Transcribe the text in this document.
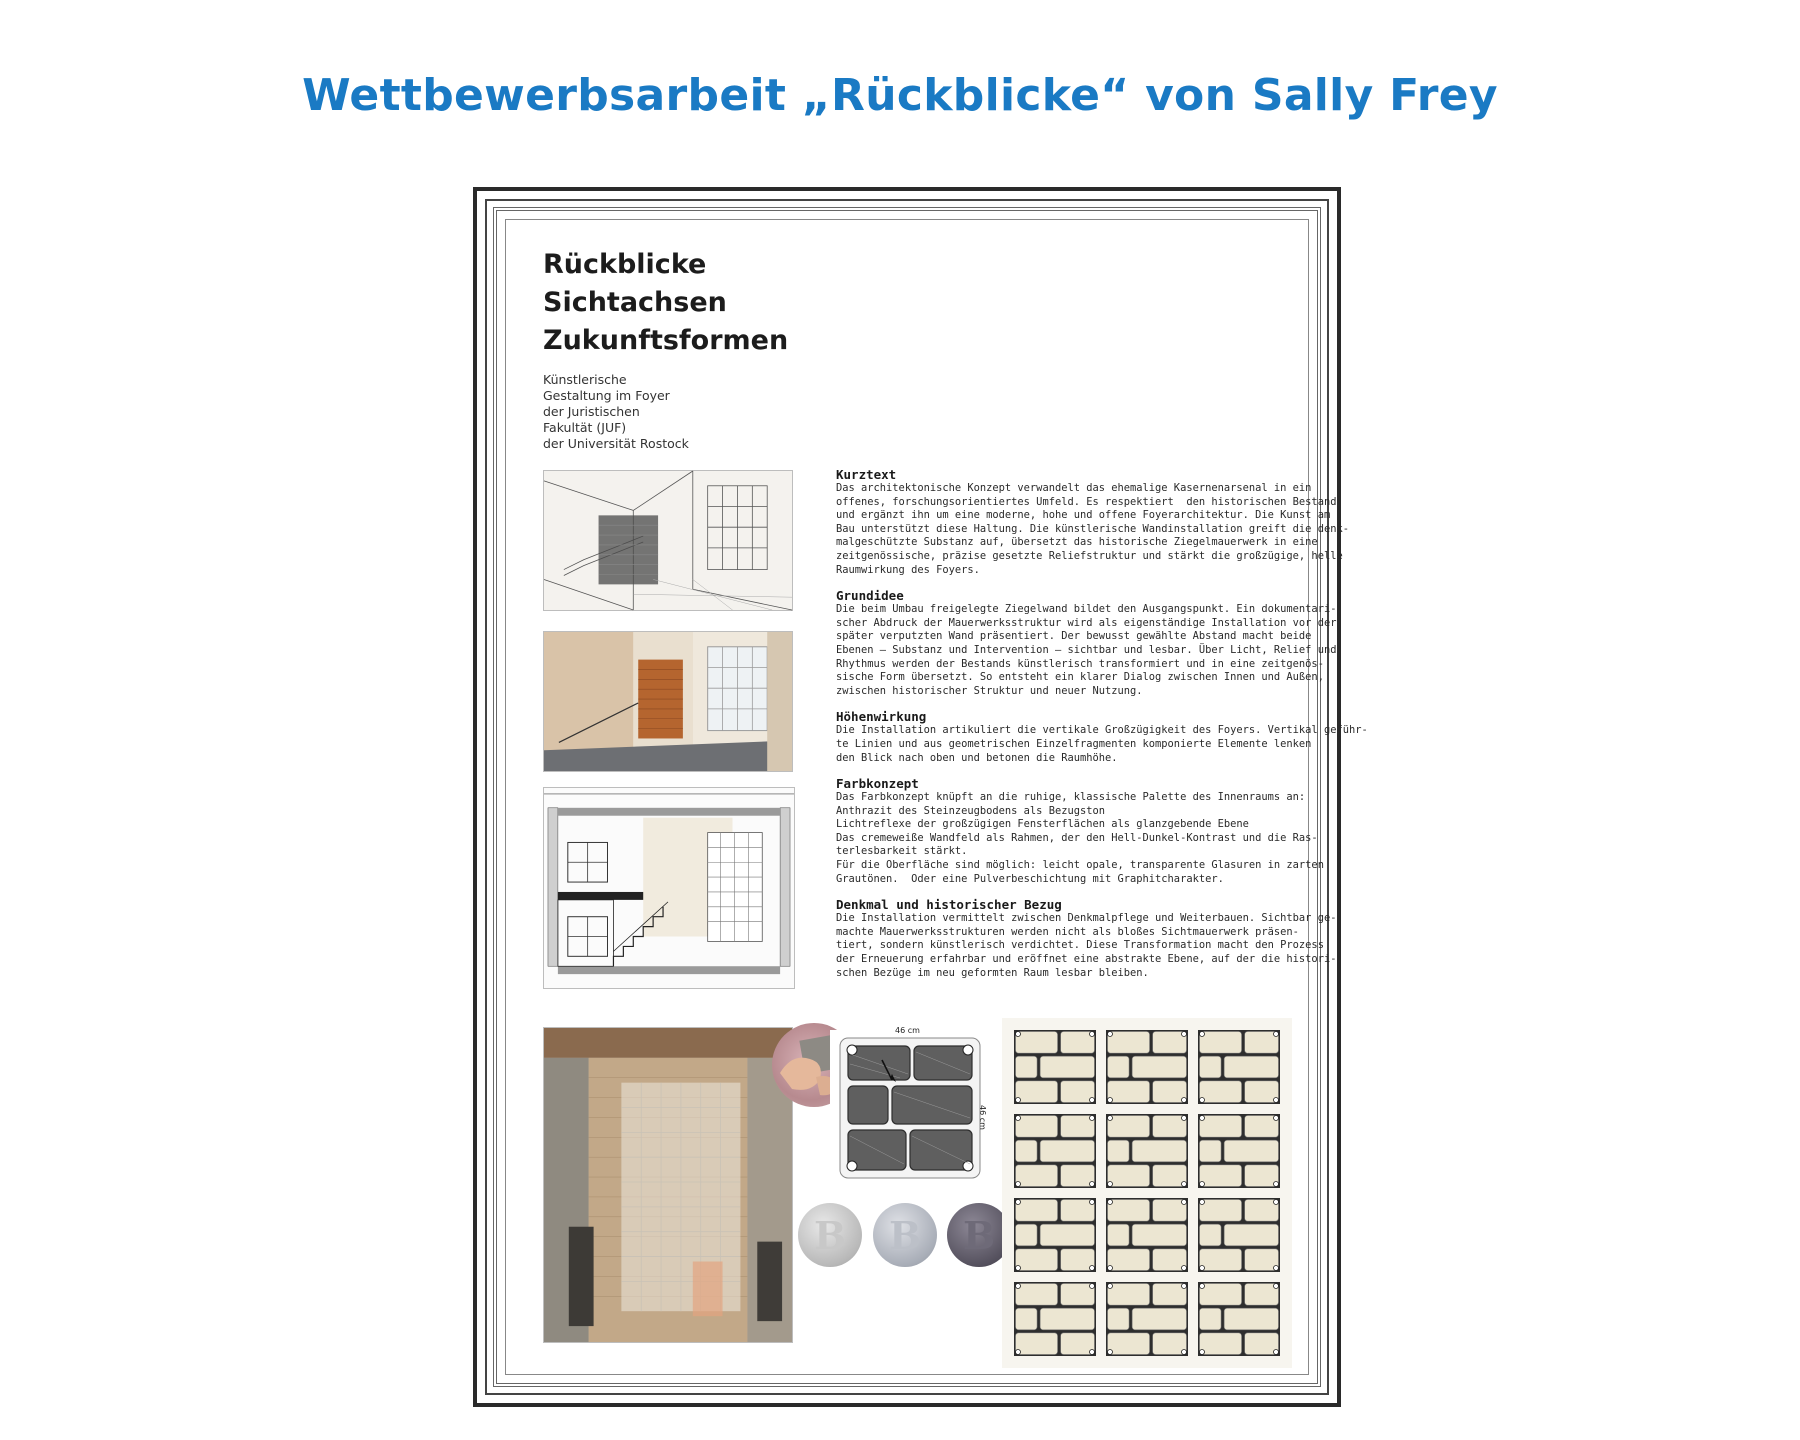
Wettbewerbsarbeit „Rückblicke“ von Sally Frey
Rückblicke
Sichtachsen
Zukunftsformen
Künstlerische
Gestaltung im Foyer
der Juristischen
Fakultät (JUF)
der Universität Rostock
Kurztext
Das architektonische Konzept verwandelt das ehemalige Kasernenarsenal in ein
offenes, forschungsorientiertes Umfeld. Es respektiert  den historischen Bestand
und ergänzt ihn um eine moderne, hohe und offene Foyerarchitektur. Die Kunst am
Bau unterstützt diese Haltung. Die künstlerische Wandinstallation greift die denk-
malgeschützte Substanz auf, übersetzt das historische Ziegelmauerwerk in eine
zeitgenössische, präzise gesetzte Reliefstruktur und stärkt die großzügige, helle
Raumwirkung des Foyers.
Grundidee
Die beim Umbau freigelegte Ziegelwand bildet den Ausgangspunkt. Ein dokumentari-
scher Abdruck der Mauerwerksstruktur wird als eigenständige Installation vor der
später verputzten Wand präsentiert. Der bewusst gewählte Abstand macht beide
Ebenen – Substanz und Intervention – sichtbar und lesbar. Über Licht, Relief und
Rhythmus werden der Bestands künstlerisch transformiert und in eine zeitgenös-
sische Form übersetzt. So entsteht ein klarer Dialog zwischen Innen und Außen,
zwischen historischer Struktur und neuer Nutzung.
Höhenwirkung
Die Installation artikuliert die vertikale Großzügigkeit des Foyers. Vertikal geführ-
te Linien und aus geometrischen Einzelfragmenten komponierte Elemente lenken
den Blick nach oben und betonen die Raumhöhe.
Farbkonzept
Das Farbkonzept knüpft an die ruhige, klassische Palette des Innenraums an:
Anthrazit des Steinzeugbodens als Bezugston
Lichtreflexe der großzügigen Fensterflächen als glanzgebende Ebene
Das cremeweiße Wandfeld als Rahmen, der den Hell-Dunkel-Kontrast und die Ras-
terlesbarkeit stärkt.
Für die Oberfläche sind möglich: leicht opale, transparente Glasuren in zarten
Grautönen.  Oder eine Pulverbeschichtung mit Graphitcharakter.
Denkmal und historischer Bezug
Die Installation vermittelt zwischen Denkmalpflege und Weiterbauen. Sichtbar ge-
machte Mauerwerksstrukturen werden nicht als bloßes Sichtmauerwerk präsen-
tiert, sondern künstlerisch verdichtet. Diese Transformation macht den Prozess
der Erneuerung erfahrbar und eröffnet eine abstrakte Ebene, auf der die histori-
schen Bezüge im neu geformten Raum lesbar bleiben.
46 cm
46 cm
B	B	B
